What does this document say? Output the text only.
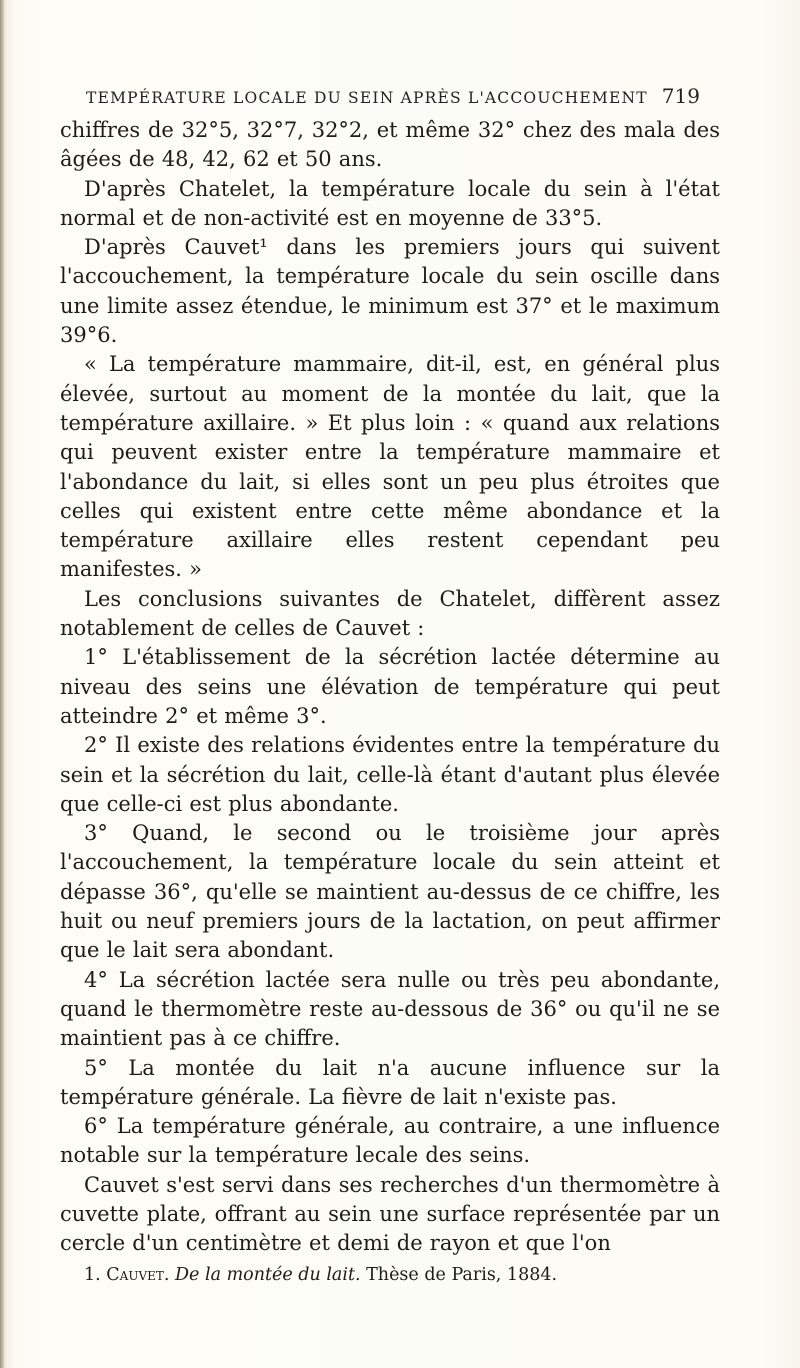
TEMPÉRATURE LOCALE DU SEIN APRÈS L'ACCOUCHEMENT 719

chiffres de 32°5, 32°7, 32°2, et même 32° chez des mala des âgées de 48, 42, 62 et 50 ans.

D'après Chatelet, la température locale du sein à l'état normal et de non-activité est en moyenne de 33°5.

D'après Cauvet¹ dans les premiers jours qui suivent l'accouchement, la température locale du sein oscille dans une limite assez étendue, le minimum est 37° et le maximum 39°6.

« La température mammaire, dit-il, est, en général plus élevée, surtout au moment de la montée du lait, que la température axillaire. » Et plus loin : « quand aux relations qui peuvent exister entre la température mammaire et l'abondance du lait, si elles sont un peu plus étroites que celles qui existent entre cette même abondance et la température axillaire elles restent cependant peu manifestes. »

Les conclusions suivantes de Chatelet, diffèrent assez notablement de celles de Cauvet :

1° L'établissement de la sécrétion lactée détermine au niveau des seins une élévation de température qui peut atteindre 2° et même 3°.

2° Il existe des relations évidentes entre la température du sein et la sécrétion du lait, celle-là étant d'autant plus élevée que celle-ci est plus abondante.

3° Quand, le second ou le troisième jour après l'accouchement, la température locale du sein atteint et dépasse 36°, qu'elle se maintient au-dessus de ce chiffre, les huit ou neuf premiers jours de la lactation, on peut affirmer que le lait sera abondant.

4° La sécrétion lactée sera nulle ou très peu abondante, quand le thermomètre reste au-dessous de 36° ou qu'il ne se maintient pas à ce chiffre.

5° La montée du lait n'a aucune influence sur la température générale. La fièvre de lait n'existe pas.

6° La température générale, au contraire, a une influence notable sur la température lecale des seins.

Cauvet s'est servi dans ses recherches d'un thermomètre à cuvette plate, offrant au sein une surface représentée par un cercle d'un centimètre et demi de rayon et que l'on

1. Cauvet. De la montée du lait. Thèse de Paris, 1884.
